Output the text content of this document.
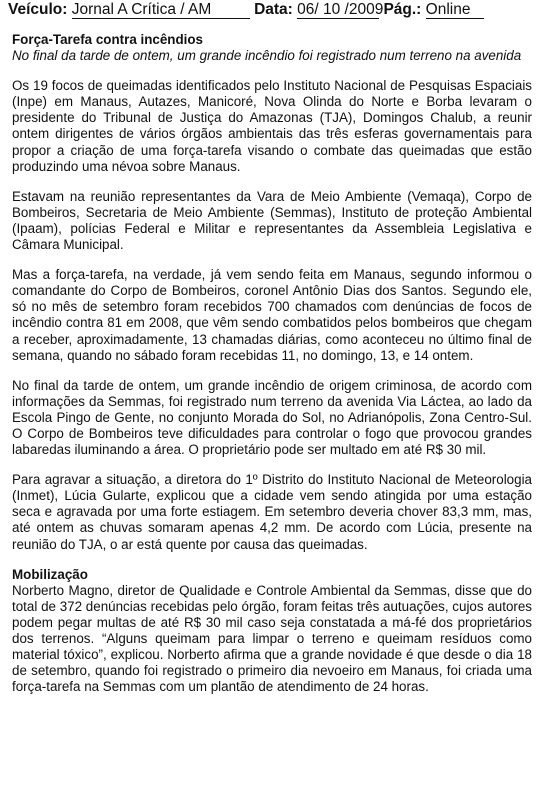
Veículo: Jornal A Crítica / AM	Data: 06/ 10 /2009 Pág.: Online

Força-Tarefa contra incêndios

No final da tarde de ontem, um grande incêndio foi registrado num terreno na avenida

Os 19 focos de queimadas identificados pelo Instituto Nacional de Pesquisas Espaciais (Inpe) em Manaus, Autazes, Manicoré, Nova Olinda do Norte e Borba levaram o presidente do Tribunal de Justiça do Amazonas (TJA), Domingos Chalub, a reunir ontem dirigentes de vários órgãos ambientais das três esferas governamentais para propor a criação de uma força-tarefa visando o combate das queimadas que estão produzindo uma névoa sobre Manaus.

Estavam na reunião representantes da Vara de Meio Ambiente (Vemaqa), Corpo de Bombeiros, Secretaria de Meio Ambiente (Semmas), Instituto de proteção Ambiental (Ipaam), polícias Federal e Militar e representantes da Assembleia Legislativa e Câmara Municipal.

Mas a força-tarefa, na verdade, já vem sendo feita em Manaus, segundo informou o comandante do Corpo de Bombeiros, coronel Antônio Dias dos Santos. Segundo ele, só no mês de setembro foram recebidos 700 chamados com denúncias de focos de incêndio contra 81 em 2008, que vêm sendo combatidos pelos bombeiros que chegam a receber, aproximadamente, 13 chamadas diárias, como aconteceu no último final de semana, quando no sábado foram recebidas 11, no domingo, 13, e 14 ontem.

No final da tarde de ontem, um grande incêndio de origem criminosa, de acordo com informações da Semmas, foi registrado num terreno da avenida Via Láctea, ao lado da Escola Pingo de Gente, no conjunto Morada do Sol, no Adrianópolis, Zona Centro-Sul. O Corpo de Bombeiros teve dificuldades para controlar o fogo que provocou grandes labaredas iluminando a área. O proprietário pode ser multado em até R$ 30 mil.

Para agravar a situação, a diretora do 1º Distrito do Instituto Nacional de Meteorologia (Inmet), Lúcia Gularte, explicou que a cidade vem sendo atingida por uma estação seca e agravada por uma forte estiagem. Em setembro deveria chover 83,3 mm, mas, até ontem as chuvas somaram apenas 4,2 mm. De acordo com Lúcia, presente na reunião do TJA, o ar está quente por causa das queimadas.

Mobilização

Norberto Magno, diretor de Qualidade e Controle Ambiental da Semmas, disse que do total de 372 denúncias recebidas pelo órgão, foram feitas três autuações, cujos autores podem pegar multas de até R$ 30 mil caso seja constatada a má-fé dos proprietários dos terrenos. “Alguns queimam para limpar o terreno e queimam resíduos como material tóxico”, explicou. Norberto afirma que a grande novidade é que desde o dia 18 de setembro, quando foi registrado o primeiro dia nevoeiro em Manaus, foi criada uma força-tarefa na Semmas com um plantão de atendimento de 24 horas.
